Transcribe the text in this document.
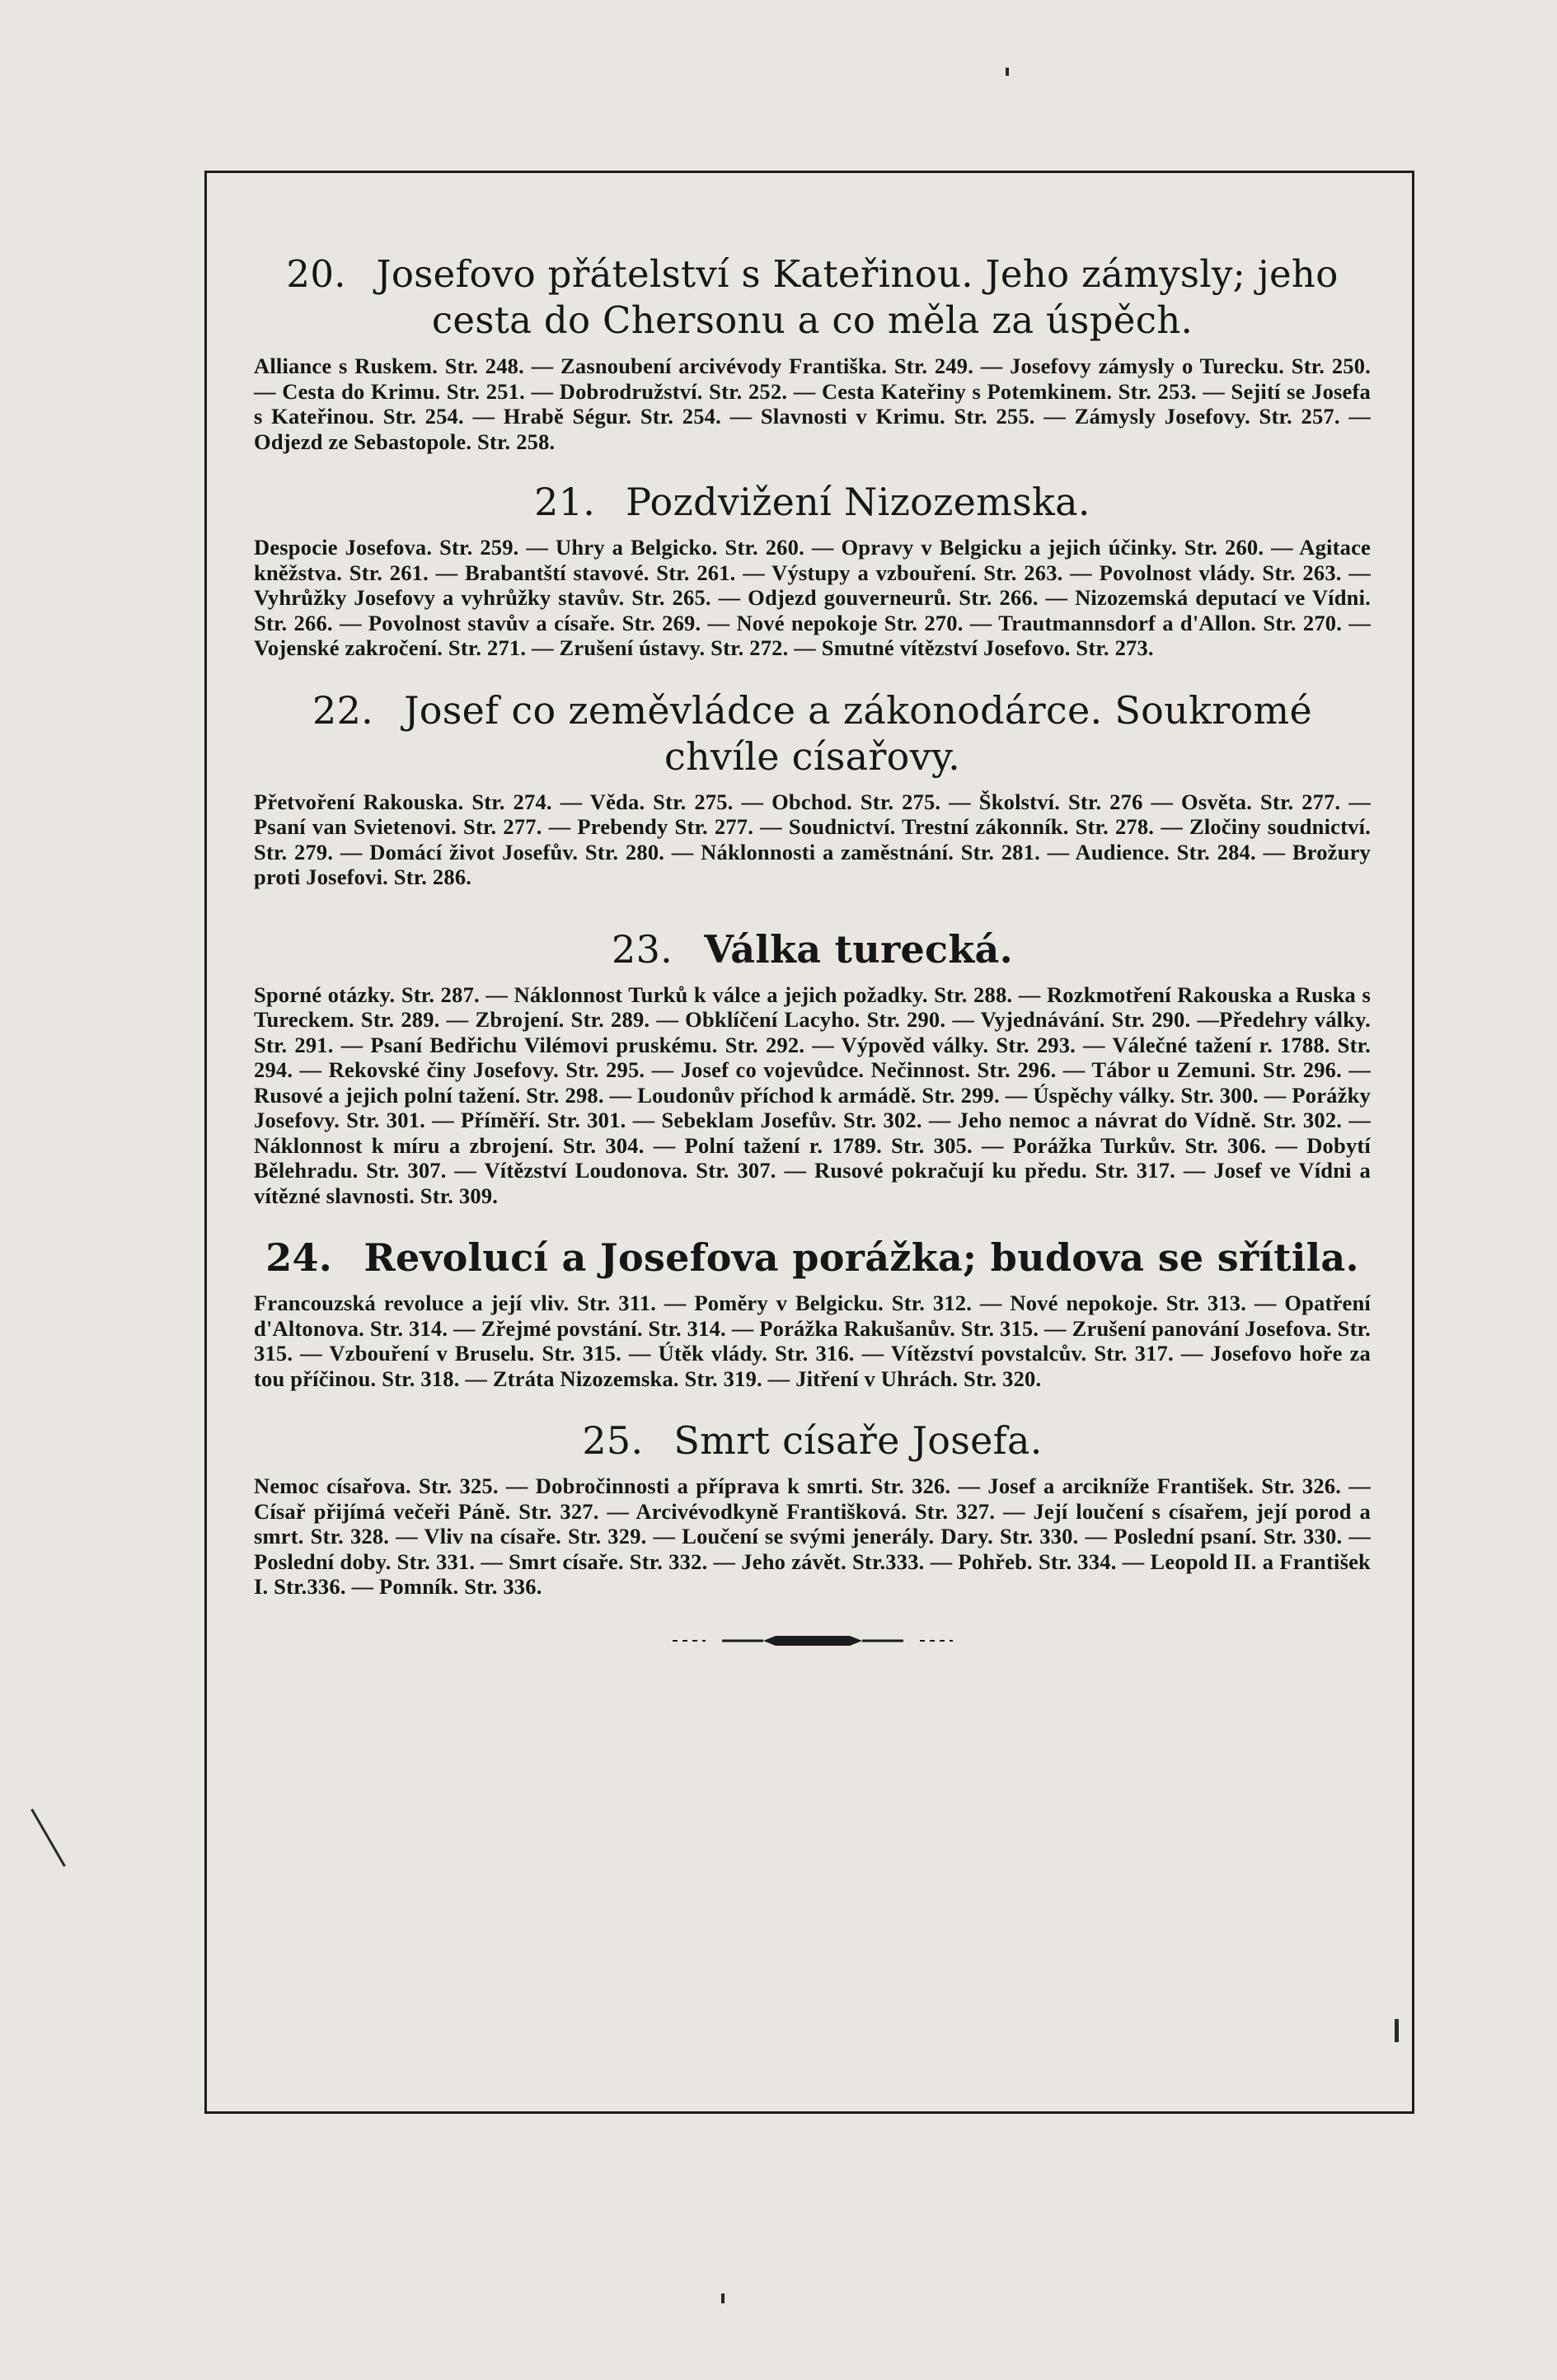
20. Josefovo přátelství s Kateřinou. Jeho zámysly; jeho cesta do Chersonu a co měla za úspěch.

Alliance s Ruskem. Str. 248. — Zasnoubení arcivévody Františka. Str. 249. — Josefovy zámysly o Turecku. Str. 250. — Cesta do Krimu. Str. 251. — Dobrodružství. Str. 252. — Cesta Kateřiny s Potemkinem. Str. 253. — Sejití se Josefa s Kateřinou. Str. 254. — Hrabě Ségur. Str. 254. — Slavnosti v Krimu. Str. 255. — Zámysly Josefovy. Str. 257. — Odjezd ze Sebastopole. Str. 258.

21. Pozdvižení Nizozemska.

Despocie Josefova. Str. 259. — Uhry a Belgicko. Str. 260. — Opravy v Belgicku a jejich účinky. Str. 260. — Agitace kněžstva. Str. 261. — Brabantští stavové. Str. 261. — Výstupy a vzbouření. Str. 263. — Povolnost vlády. Str. 263. — Vyhrůžky Josefovy a vyhrůžky stavův. Str. 265. — Odjezd gouverneurů. Str. 266. — Nizozemská deputací ve Vídni. Str. 266. — Povolnost stavův a císaře. Str. 269. — Nové nepokoje Str. 270. — Trautmannsdorf a d'Allon. Str. 270. — Vojenské zakročení. Str. 271. — Zrušení ústavy. Str. 272. — Smutné vítězství Josefovo. Str. 273.

22. Josef co zeměvládce a zákonodárce. Soukromé chvíle císařovy.

Přetvoření Rakouska. Str. 274. — Věda. Str. 275. — Obchod. Str. 275. — Školství. Str. 276 — Osvěta. Str. 277. — Psaní van Svietenovi. Str. 277. — Prebendy Str. 277. — Soudnictví. Trestní zákonník. Str. 278. — Zločiny soudnictví. Str. 279. — Domácí život Josefův. Str. 280. — Náklonnosti a zaměstnání. Str. 281. — Audience. Str. 284. — Brožury proti Josefovi. Str. 286.

23. Válka turecká.

Sporné otázky. Str. 287. — Náklonnost Turků k válce a jejich požadky. Str. 288. — Rozkmotření Rakouska a Ruska s Tureckem. Str. 289. — Zbrojení. Str. 289. — Obklíčení Lacyho. Str. 290. — Vyjednávání. Str. 290. —Předehry války. Str. 291. — Psaní Bedřichu Vilémovi pruskému. Str. 292. — Výpověd války. Str. 293. — Válečné tažení r. 1788. Str. 294. — Rekovské činy Josefovy. Str. 295. — Josef co vojevůdce. Nečinnost. Str. 296. — Tábor u Zemuni. Str. 296. — Rusové a jejich polní tažení. Str. 298. — Loudonův příchod k armádě. Str. 299. — Úspěchy války. Str. 300. — Porážky Josefovy. Str. 301. — Příměří. Str. 301. — Sebeklam Josefův. Str. 302. — Jeho nemoc a návrat do Vídně. Str. 302. — Náklonnost k míru a zbrojení. Str. 304. — Polní tažení r. 1789. Str. 305. — Porážka Turkův. Str. 306. — Dobytí Bělehradu. Str. 307. — Vítězství Loudonova. Str. 307. — Rusové pokračují ku předu. Str. 317. — Josef ve Vídni a vítězné slavnosti. Str. 309.

24. Revolucí a Josefova porážka; budova se sřítila.

Francouzská revoluce a její vliv. Str. 311. — Poměry v Belgicku. Str. 312. — Nové nepokoje. Str. 313. — Opatření d'Altonova. Str. 314. — Zřejmé povstání. Str. 314. — Porážka Rakušanův. Str. 315. — Zrušení panování Josefova. Str. 315. — Vzbouření v Bruselu. Str. 315. — Útěk vlády. Str. 316. — Vítězství povstalcův. Str. 317. — Josefovo hoře za tou příčinou. Str. 318. — Ztráta Nizozemska. Str. 319. — Jitření v Uhrách. Str. 320.

25. Smrt císaře Josefa.

Nemoc císařova. Str. 325. — Dobročinnosti a příprava k smrti. Str. 326. — Josef a arcikníže František. Str. 326. — Císař přijímá večeři Páně. Str. 327. — Arcivévodkyně Františková. Str. 327. — Její loučení s císařem, její porod a smrt. Str. 328. — Vliv na císaře. Str. 329. — Loučení se svými jenerály. Dary. Str. 330. — Poslední psaní. Str. 330. — Poslední doby. Str. 331. — Smrt císaře. Str. 332. — Jeho závět. Str.333. — Pohřeb. Str. 334. — Leopold II. a František I. Str.336. — Pomník. Str. 336.
